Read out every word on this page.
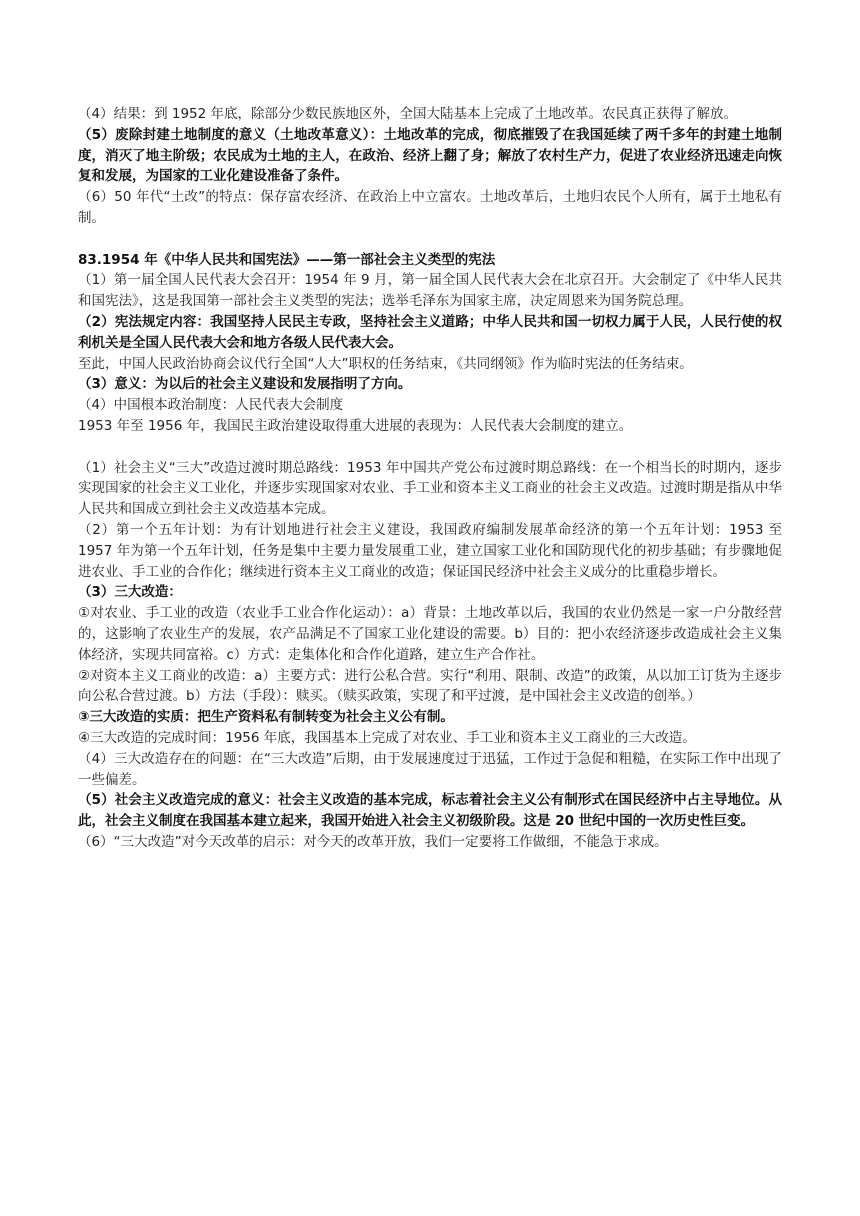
（4）结果：到 1952 年底，除部分少数民族地区外，全国大陆基本上完成了土地改革。农民真正获得了解放。

（5）废除封建土地制度的意义（土地改革意义）：土地改革的完成，彻底摧毁了在我国延续了两千多年的封建土地制度，消灭了地主阶级；农民成为土地的主人，在政治、经济上翻了身；解放了农村生产力，促进了农业经济迅速走向恢复和发展，为国家的工业化建设准备了条件。

（6）50 年代“土改”的特点：保存富农经济、在政治上中立富农。土地改革后，土地归农民个人所有，属于土地私有制。

83.1954 年《中华人民共和国宪法》——第一部社会主义类型的宪法

（1）第一届全国人民代表大会召开：1954 年 9 月，第一届全国人民代表大会在北京召开。大会制定了《中华人民共和国宪法》，这是我国第一部社会主义类型的宪法；选举毛泽东为国家主席，决定周恩来为国务院总理。

（2）宪法规定内容：我国坚持人民民主专政，坚持社会主义道路；中华人民共和国一切权力属于人民，人民行使的权利机关是全国人民代表大会和地方各级人民代表大会。

至此，中国人民政治协商会议代行全国“人大”职权的任务结束，《共同纲领》作为临时宪法的任务结束。

（3）意义：为以后的社会主义建设和发展指明了方向。

（4）中国根本政治制度：人民代表大会制度

1953 年至 1956 年，我国民主政治建设取得重大进展的表现为：人民代表大会制度的建立。

（1）社会主义“三大”改造过渡时期总路线：1953 年中国共产党公布过渡时期总路线：在一个相当长的时期内，逐步实现国家的社会主义工业化，并逐步实现国家对农业、手工业和资本主义工商业的社会主义改造。过渡时期是指从中华人民共和国成立到社会主义改造基本完成。

（2）第一个五年计划：为有计划地进行社会主义建设，我国政府编制发展革命经济的第一个五年计划：1953 至 1957 年为第一个五年计划，任务是集中主要力量发展重工业，建立国家工业化和国防现代化的初步基础；有步骤地促进农业、手工业的合作化；继续进行资本主义工商业的改造；保证国民经济中社会主义成分的比重稳步增长。

（3）三大改造：

①对农业、手工业的改造（农业手工业合作化运动）：a）背景：土地改革以后，我国的农业仍然是一家一户分散经营的，这影响了农业生产的发展，农产品满足不了国家工业化建设的需要。b）目的：把小农经济逐步改造成社会主义集体经济，实现共同富裕。c）方式：走集体化和合作化道路，建立生产合作社。

②对资本主义工商业的改造：a）主要方式：进行公私合营。实行“利用、限制、改造”的政策，从以加工订货为主逐步向公私合营过渡。b）方法（手段）：赎买。（赎买政策，实现了和平过渡，是中国社会主义改造的创举。）

③三大改造的实质：把生产资料私有制转变为社会主义公有制。

④三大改造的完成时间：1956 年底，我国基本上完成了对农业、手工业和资本主义工商业的三大改造。

（4）三大改造存在的问题：在“三大改造”后期，由于发展速度过于迅猛，工作过于急促和粗糙，在实际工作中出现了一些偏差。

（5）社会主义改造完成的意义：社会主义改造的基本完成，标志着社会主义公有制形式在国民经济中占主导地位。从此，社会主义制度在我国基本建立起来，我国开始进入社会主义初级阶段。这是 20 世纪中国的一次历史性巨变。

（6）“三大改造”对今天改革的启示：对今天的改革开放，我们一定要将工作做细，不能急于求成。
